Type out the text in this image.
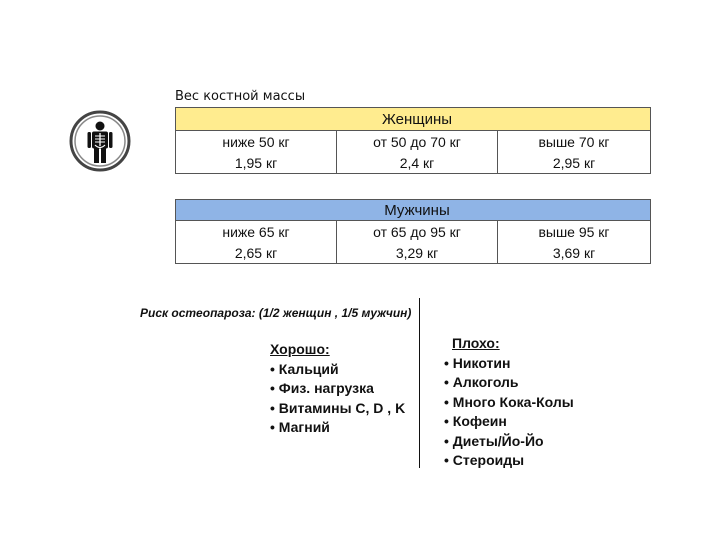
Вес костной массы
	Женщины	
ниже 50 кг	от 50 до 70 кг	выше 70 кг
1,95 кг	2,4 кг	2,95 кг
	Мужчины	
ниже 65 кг	от 65 до 95 кг	выше 95 кг
2,65 кг	3,29 кг	3,69 кг
Риск остеопароза: (1/2 женщин , 1/5 мужчин)
Хорошо:
• Кальций
• Физ. нагрузка
• Витамины C, D , K
• Магний
Плохо:
• Никотин
• Алкоголь
• Много Кока-Колы
• Кофеин
• Диеты/Йо-Йо
• Стероиды
